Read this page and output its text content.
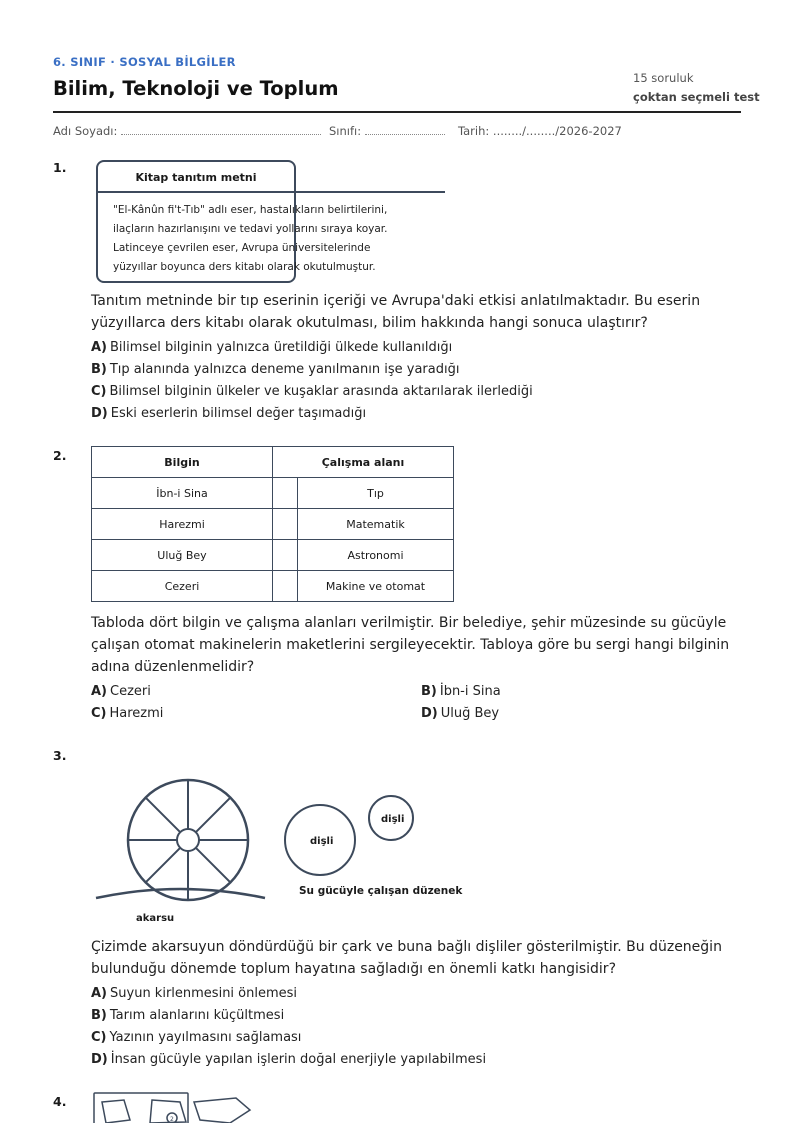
6. SINIF · SOSYAL BİLGİLER
Bilim, Teknoloji ve Toplum	15 soruluk
çoktan seçmeli test
Adı Soyadı:	Sınıfı:	Tarih: ......../......../2026-2027
1.
Kitap tanıtım metni
"El-Kânûn fi't-Tıb" adlı eser, hastalıkların belirtilerini,
ilaçların hazırlanışını ve tedavi yollarını sıraya koyar.
Latinceye çevrilen eser, Avrupa üniversitelerinde
yüzyıllar boyunca ders kitabı olarak okutulmuştur.
Tanıtım metninde bir tıp eserinin içeriği ve Avrupa'daki etkisi anlatılmaktadır. Bu eserin yüzyıllarca ders kitabı olarak okutulması, bilim hakkında hangi sonuca ulaştırır?
A) Bilimsel bilginin yalnızca üretildiği ülkede kullanıldığı
B) Tıp alanında yalnızca deneme yanılmanın işe yaradığı
C) Bilimsel bilginin ülkeler ve kuşaklar arasında aktarılarak ilerlediği
D) Eski eserlerin bilimsel değer taşımadığı
2.	Bilgin	Çalışma alanı	
İbn-i Sina		Tıp
Harezmi		Matematik
Uluğ Bey		Astronomi
Cezeri		Makine ve otomat
Tabloda dört bilgin ve çalışma alanları verilmiştir. Bir belediye, şehir müzesinde su gücüyle çalışan otomat makinelerin maketlerini sergileyecektir. Tabloya göre bu sergi hangi bilginin adına düzenlenmelidir?
A) Cezeri	B) İbn-i Sina
C) Harezmi	D) Uluğ Bey
3.
dişli
dişli
Su gücüyle çalışan düzenek
akarsu
Çizimde akarsuyun döndürdüğü bir çark ve buna bağlı dişliler gösterilmiştir. Bu düzeneğin bulunduğu dönemde toplum hayatına sağladığı en önemli katkı hangisidir?
A) Suyun kirlenmesini önlemesi
B) Tarım alanlarını küçültmesi
C) Yazının yayılmasını sağlaması
D) İnsan gücüyle yapılan işlerin doğal enerjiyle yapılabilmesi
4.
2
